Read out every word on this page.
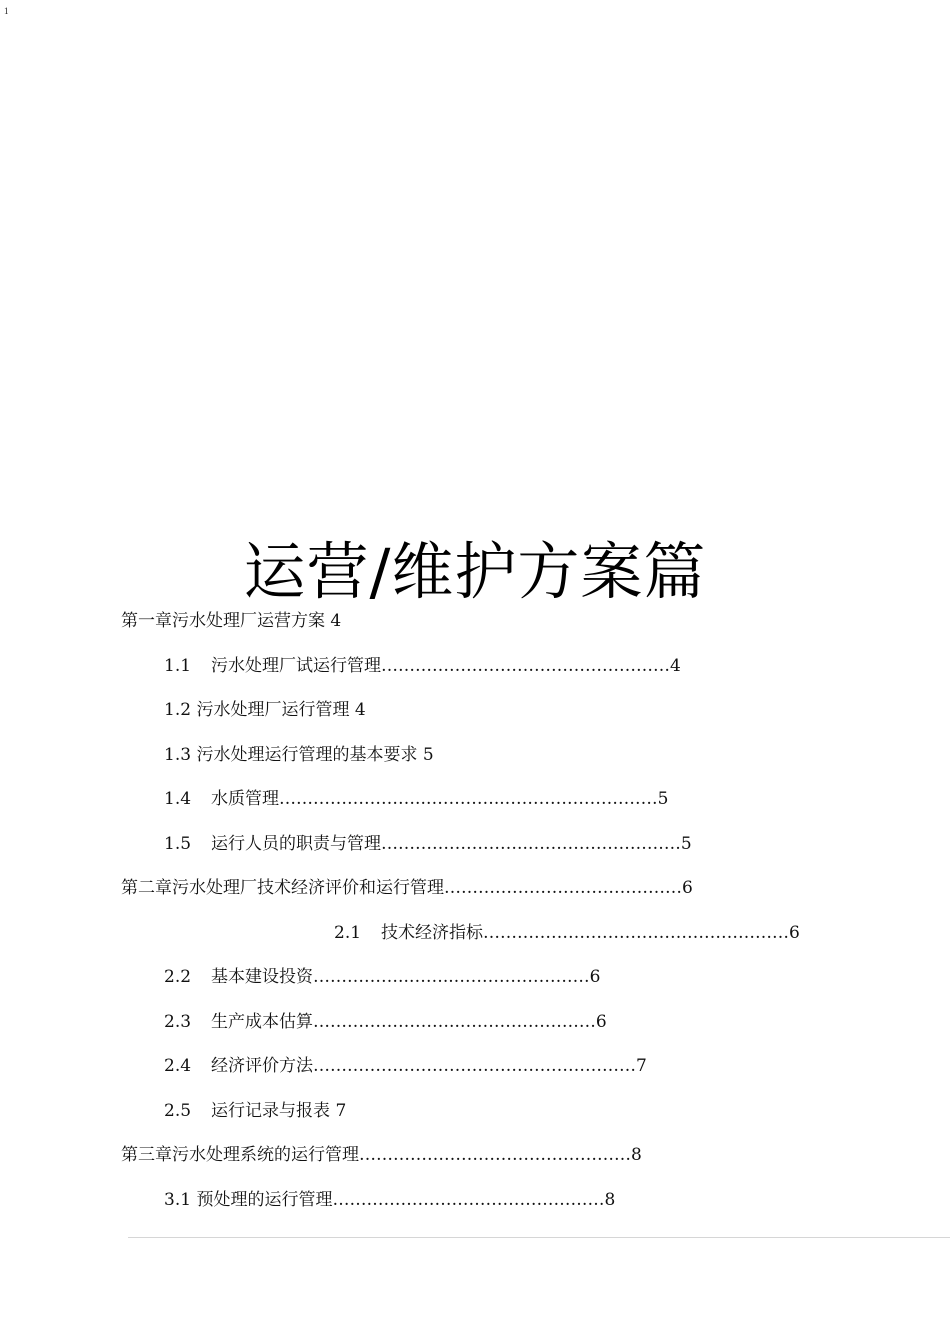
1
运营/维护方案篇
第一章污水处理厂运营方案 4
1.1 污水处理厂试运行管理……………………………………………4
1.2 污水处理厂运行管理 4
1.3 污水处理运行管理的基本要求 5
1.4 水质管理……………………..…………..………………………5
1.5 运行人员的职责与管理……………………..………………………5
第二章污水处理厂技术经济评价和运行管理……………………………………6
2.1 技术经济指标………………………………………………6
2.2 基本建设投资……………..……..……………………6
2.3 生产成本估算……………………..……………………6
2.4 经济评价方法…………………………………………………7
2.5 运行记录与报表 7
第三章污水处理系统的运行管理…………………………………………8
3.1 预处理的运行管理…………………………………………8
